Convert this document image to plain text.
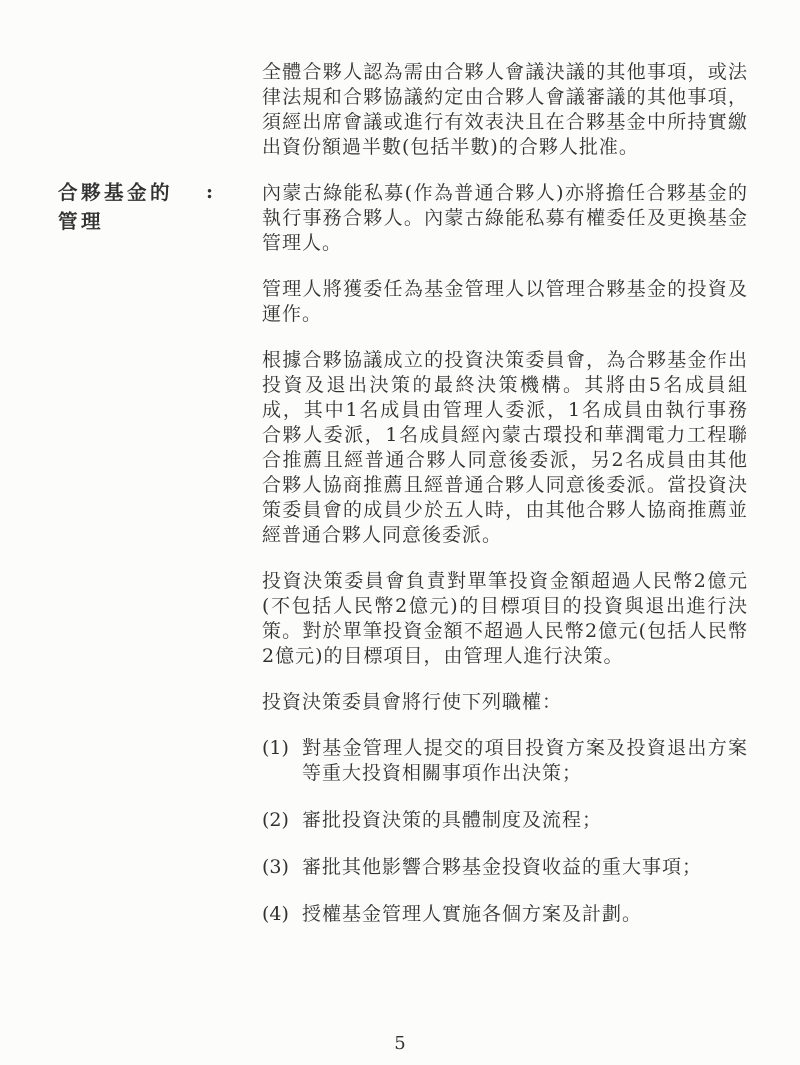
合夥基金的
管理
:

全體合夥人認為需由合夥人會議決議的其他事項，或法律法規和合夥協議約定由合夥人會議審議的其他事項，須經出席會議或進行有效表決且在合夥基金中所持實繳出資份額過半數(包括半數)的合夥人批准。

內蒙古綠能私募(作為普通合夥人)亦將擔任合夥基金的執行事務合夥人。內蒙古綠能私募有權委任及更換基金管理人。

管理人將獲委任為基金管理人以管理合夥基金的投資及運作。

根據合夥協議成立的投資決策委員會，為合夥基金作出投資及退出決策的最終決策機構。其將由5名成員組成，其中1名成員由管理人委派，1名成員由執行事務合夥人委派，1名成員經內蒙古環投和華潤電力工程聯合推薦且經普通合夥人同意後委派，另2名成員由其他合夥人協商推薦且經普通合夥人同意後委派。當投資決策委員會的成員少於五人時，由其他合夥人協商推薦並經普通合夥人同意後委派。

投資決策委員會負責對單筆投資金額超過人民幣2億元(不包括人民幣2億元)的目標項目的投資與退出進行決策。對於單筆投資金額不超過人民幣2億元(包括人民幣2億元)的目標項目，由管理人進行決策。

投資決策委員會將行使下列職權：

(1) 對基金管理人提交的項目投資方案及投資退出方案等重大投資相關事項作出決策；
(2) 審批投資決策的具體制度及流程；
(3) 審批其他影響合夥基金投資收益的重大事項；
(4) 授權基金管理人實施各個方案及計劃。
5
